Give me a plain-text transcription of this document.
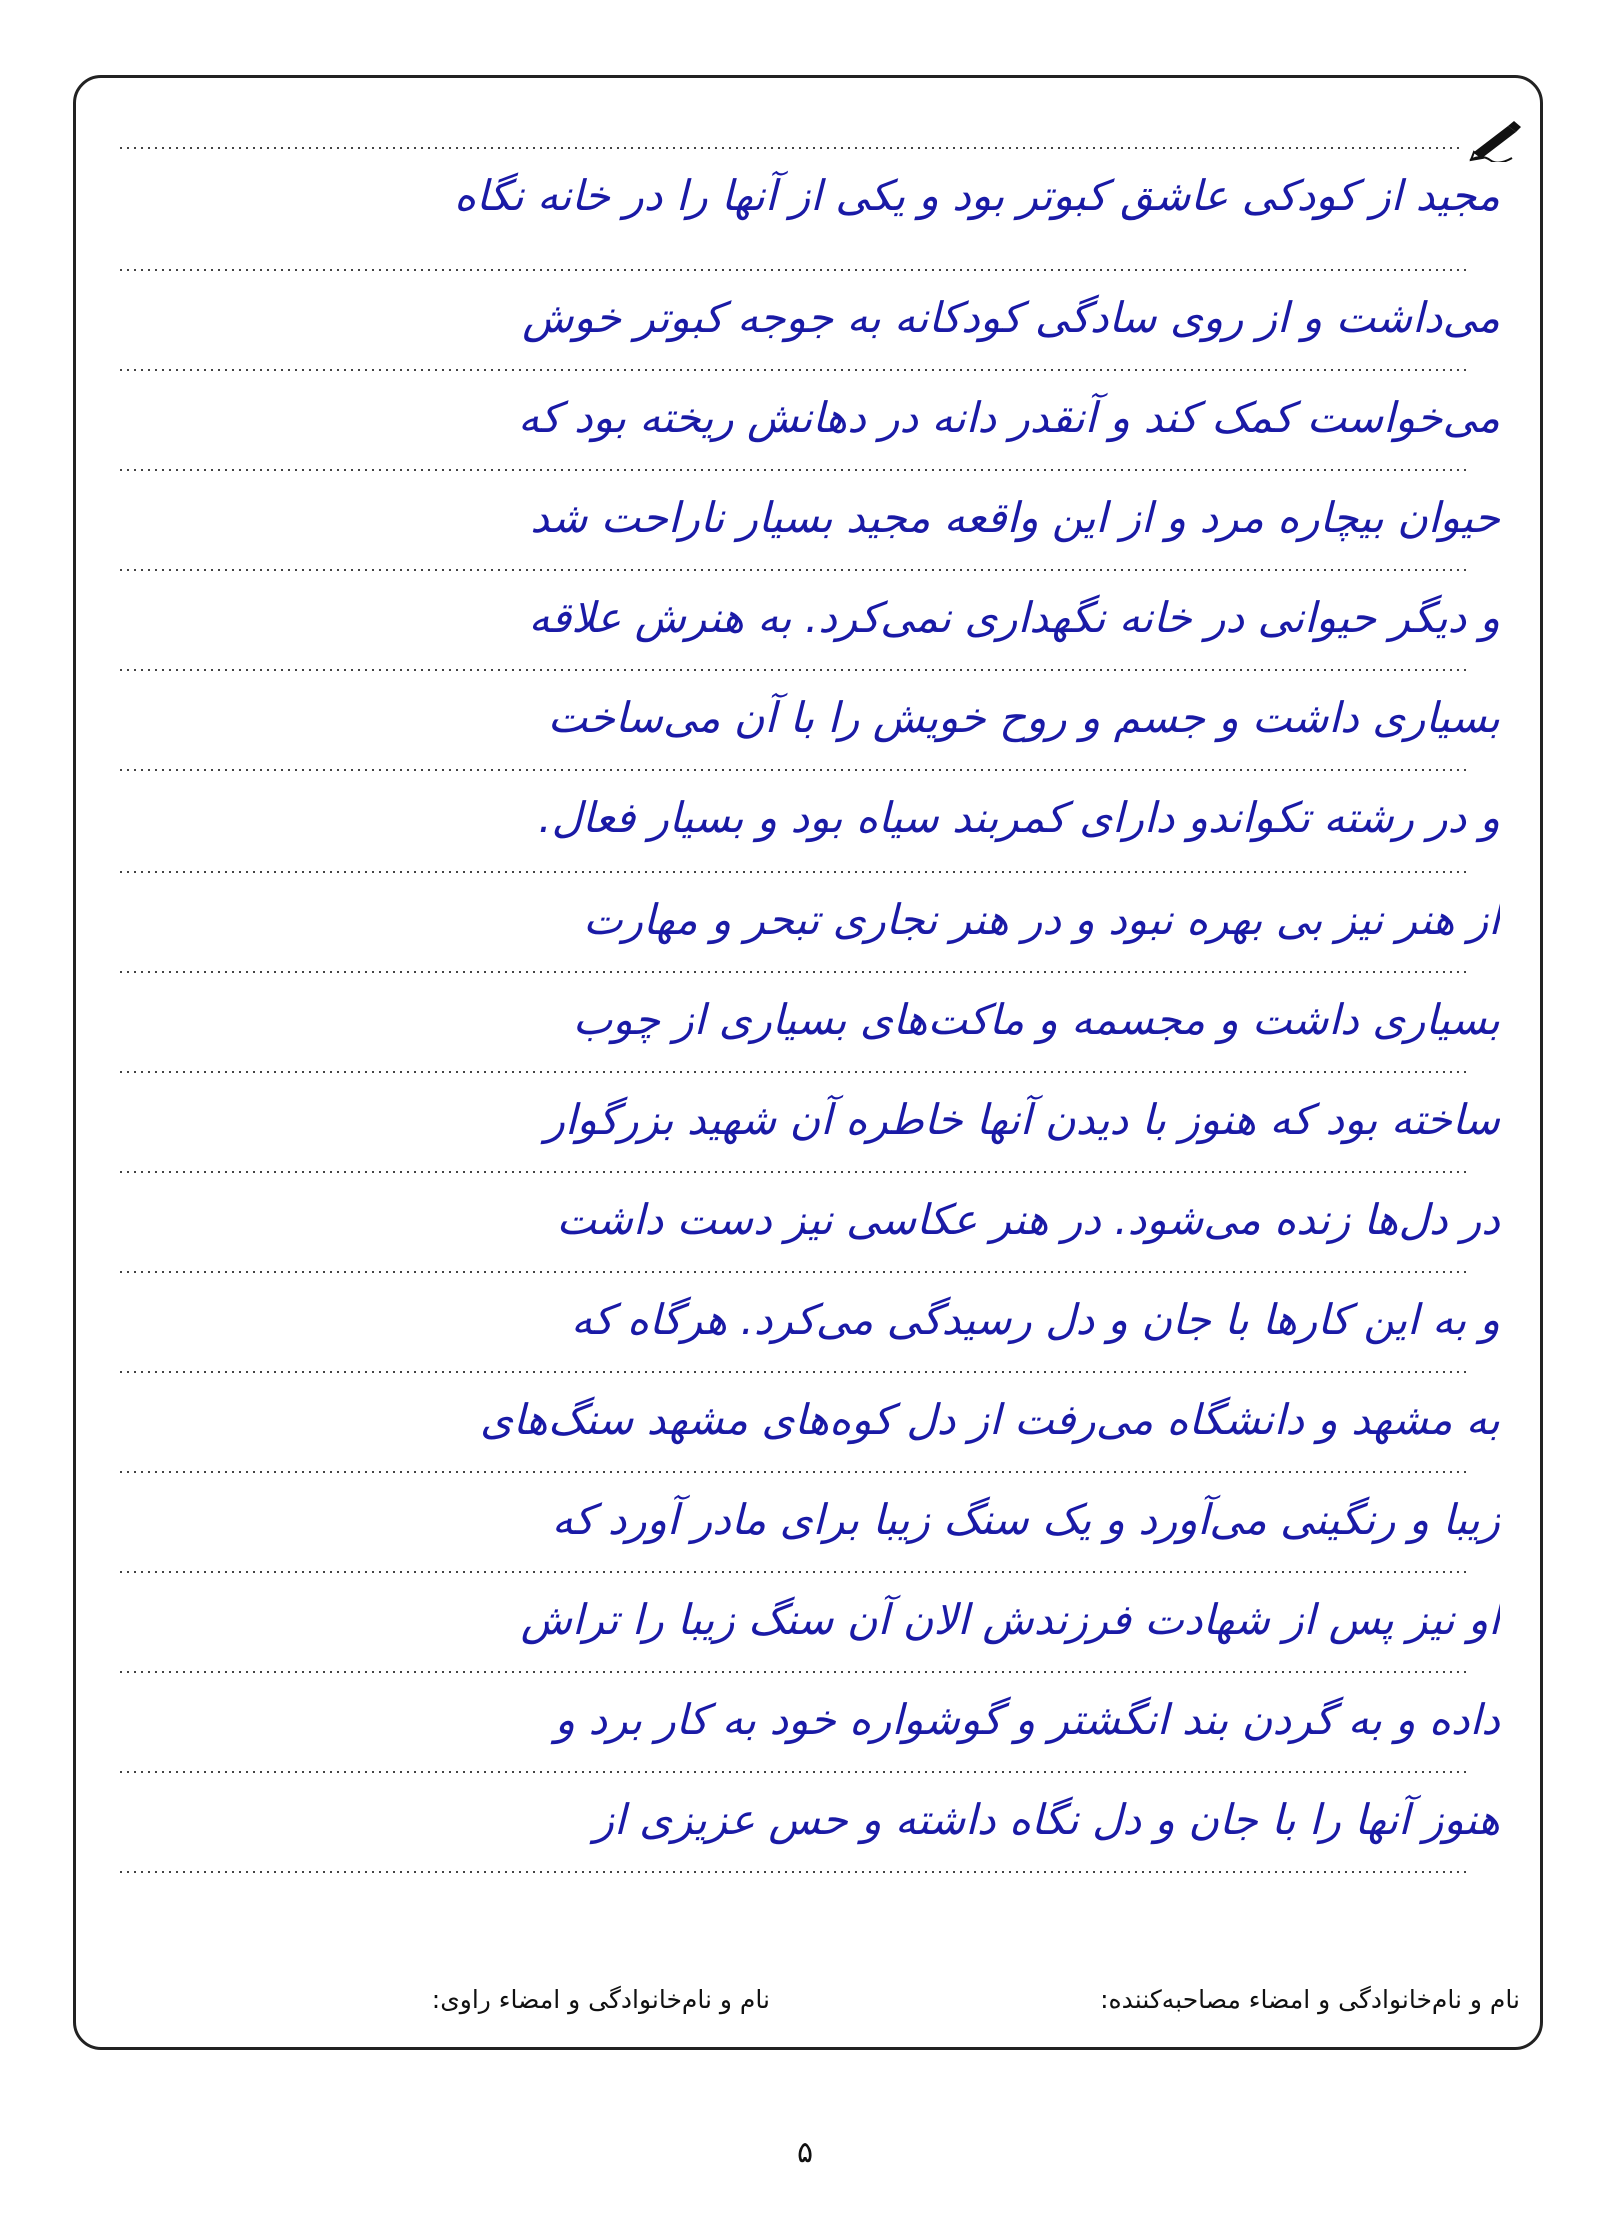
مجید از کودکی عاشق کبوتر بود و یکی از آنها را در خانه نگاه
می‌داشت و از روی سادگی کودکانه به جوجه کبوتر خوش
می‌خواست کمک کند و آنقدر دانه در دهانش ریخته بود که
حیوان بیچاره مرد و از این واقعه مجید بسیار ناراحت شد
و دیگر حیوانی در خانه نگهداری نمی‌کرد. به هنرش علاقه
بسیاری داشت و جسم و روح خویش را با آن می‌ساخت
و در رشته تکواندو دارای کمربند سیاه بود و بسیار فعال.
از هنر نیز بی بهره نبود و در هنر نجاری تبحر و مهارت
بسیاری داشت و مجسمه و ماکت‌های بسیاری از چوب
ساخته بود که هنوز با دیدن آنها خاطره آن شهید بزرگوار
در دل‌ها زنده می‌شود. در هنر عکاسی نیز دست داشت
و به این کارها با جان و دل رسیدگی می‌کرد. هرگاه که
به مشهد و دانشگاه می‌رفت از دل کوه‌های مشهد سنگ‌های
زیبا و رنگینی می‌آورد و یک سنگ زیبا برای مادر آورد که
او نیز پس از شهادت فرزندش الان آن سنگ زیبا را تراش
داده و به گردن بند انگشتر و گوشواره خود به کار برد و
هنوز آنها را با جان و دل نگاه داشته و حس عزیزی از
نام و نام‌خانوادگی و امضاء مصاحبه‌کننده:
نام و نام‌خانوادگی و امضاء راوی:
۵
